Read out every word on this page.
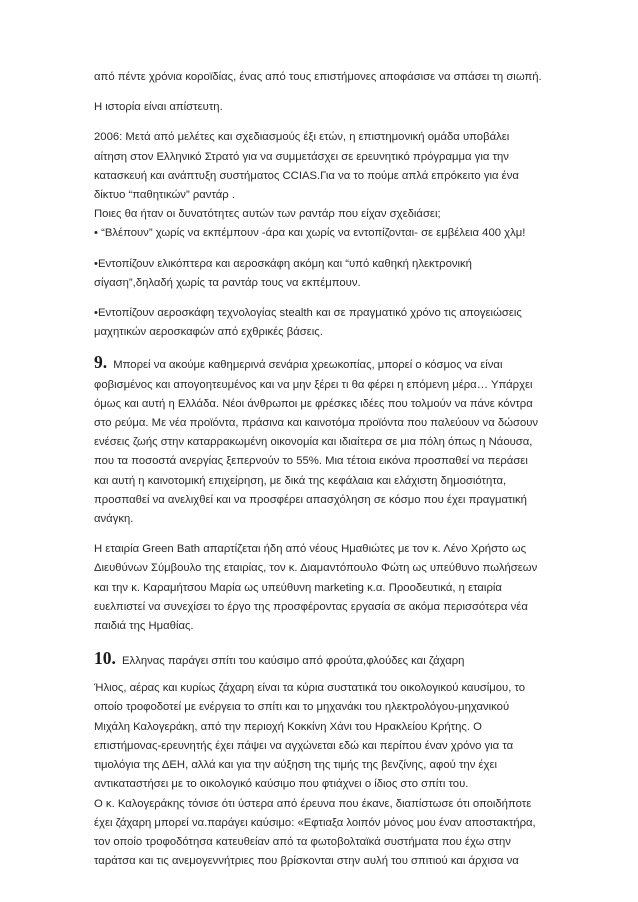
από πέντε χρόνια κοροϊδίας, ένας από τους επιστήμονες αποφάσισε να σπάσει τη σιωπή.

Η ιστορία είναι απίστευτη.

2006: Μετά από μελέτες και σχεδιασμούς έξι ετών, η επιστημονική ομάδα υποβάλει αίτηση στον Ελληνικό Στρατό για να συμμετάσχει σε ερευνητικό πρόγραμμα για την κατασκευή και ανάπτυξη συστήματος CCIAS.Για να το πούμε απλά επρόκειτο για ένα δίκτυο “παθητικών” ραντάρ .
Ποιες θα ήταν οι δυνατότητες αυτών των ραντάρ που είχαν σχεδιάσει;
• “Βλέπουν” χωρίς να εκπέμπουν -άρα και χωρίς να εντοπίζονται- σε εμβέλεια 400 χλμ!

•Εντοπίζουν ελικόπτερα και αεροσκάφη ακόμη και “υπό καθηκή ηλεκτρονική σίγαση”,δηλαδή χωρίς τα ραντάρ τους να εκπέμπουν.

•Εντοπίζουν αεροσκάφη τεχνολογίας stealth και σε πραγματικό χρόνο τις απογειώσεις μαχητικών αεροσκαφών από εχθρικές βάσεις.

9. Μπορεί να ακούμε καθημερινά σενάρια χρεωκοπίας, μπορεί ο κόσμος να είναι φοβισμένος και απογοητευμένος και να μην ξέρει τι θα φέρει η επόμενη μέρα… Υπάρχει όμως και αυτή η Ελλάδα. Νέοι άνθρωποι με φρέσκες ιδέες που τολμούν να πάνε κόντρα στο ρεύμα. Με νέα προϊόντα, πράσινα και καινοτόμα προϊόντα που παλεύουν να δώσουν ενέσεις ζωής στην καταρρακωμένη οικονομία και ιδιαίτερα σε μια πόλη όπως η Νάουσα, που τα ποσοστά ανεργίας ξεπερνούν το 55%. Μια τέτοια εικόνα προσπαθεί να περάσει και αυτή η καινοτομική επιχείρηση, με δικά της κεφάλαια και ελάχιστη δημοσιότητα, προσπαθεί να ανελιχθεί και να προσφέρει απασχόληση σε κόσμο που έχει πραγματική ανάγκη.

Η εταιρία Green Bath απαρτίζεται ήδη από νέους Ημαθιώτες με τον κ. Λένο Χρήστο ως Διευθύνων Σύμβουλο της εταιρίας, τον κ. Διαμαντόπουλο Φώτη ως υπεύθυνο πωλήσεων και την κ. Καραμήτσου Μαρία ως υπεύθυνη marketing κ.α. Προοδευτικά, η εταιρία ευελπιστεί να συνεχίσει το έργο της προσφέροντας εργασία σε ακόμα περισσότερα νέα παιδιά της Ημαθίας.

10. Ελληνας παράγει σπίτι του καύσιμο από φρούτα,φλούδες και ζάχαρη

Ήλιος, αέρας και κυρίως ζάχαρη είναι τα κύρια συστατικά του οικολογικού καυσίμου, το οποίο τροφοδοτεί με ενέργεια το σπίτι και το μηχανάκι του ηλεκτρολόγου-μηχανικού Μιχάλη Καλογεράκη, από την περιοχή Κοκκίνη Χάνι του Ηρακλείου Κρήτης. Ο επιστήμονας-ερευνητής έχει πάψει να αγχώνεται εδώ και περίπου έναν χρόνο για τα τιμολόγια της ΔΕΗ, αλλά και για την αύξηση της τιμής της βενζίνης, αφού την έχει αντικαταστήσει με το οικολογικό καύσιμο που φτιάχνει ο ίδιος στο σπίτι του.
Ο κ. Καλογεράκης τόνισε ότι ύστερα από έρευνα που έκανε, διαπίστωσε ότι οποιδήποτε έχει ζάχαρη μπορεί να.παράγει καύσιμο: «Εφτιαξα λοιπόν μόνος μου έναν αποστακτήρα, τον οποίο τροφοδότησα κατευθείαν από τα φωτοβολταϊκά συστήματα που έχω στην ταράτσα και τις ανεμογεννήτριες που βρίσκονται στην αυλή του σπιτιού και άρχισα να
